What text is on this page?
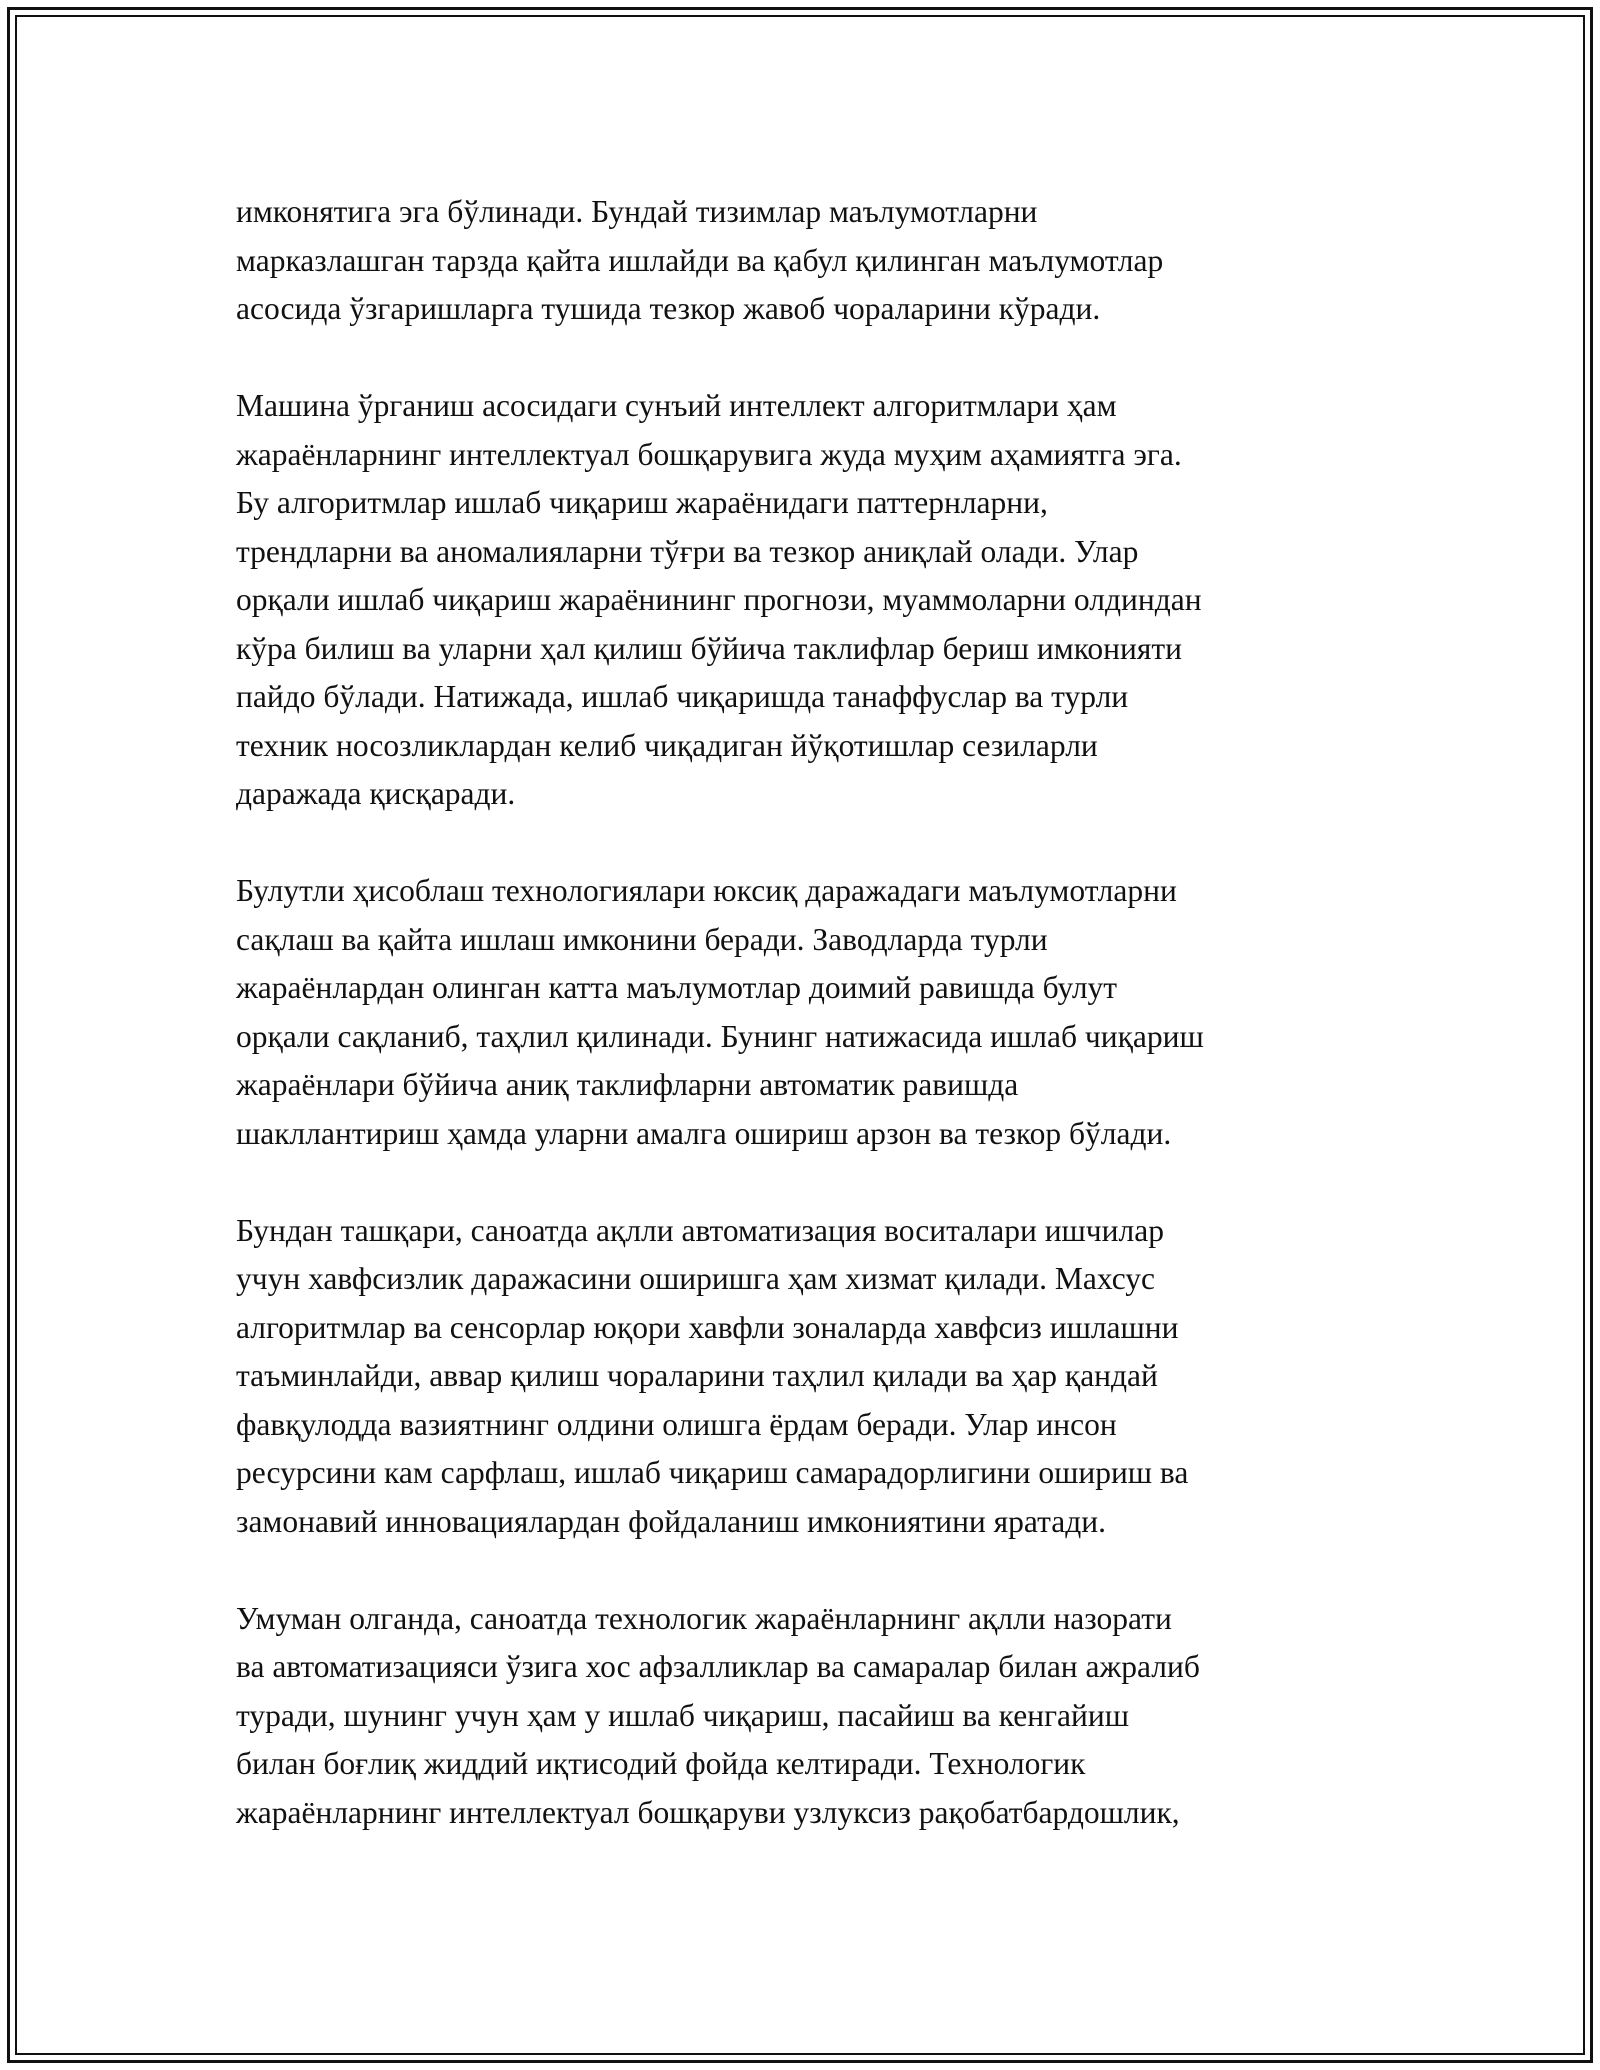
имконятига эга бўлинади. Бундай тизимлар маълумотларни
марказлашган тарзда қайта ишлайди ва қабул қилинган маълумотлар
асосида ўзгаришларга тушида тезкор жавоб чораларини кўради.

Машина ўрганиш асосидаги сунъий интеллект алгоритмлари ҳам
жараёнларнинг интеллектуал бошқарувига жуда муҳим аҳамиятга эга.
Бу алгоритмлар ишлаб чиқариш жараёнидаги паттернларни,
трендларни ва аномалияларни тўғри ва тезкор аниқлай олади. Улар
орқали ишлаб чиқариш жараёнининг прогнози, муаммоларни олдиндан
кўра билиш ва уларни ҳал қилиш бўйича таклифлар бериш имконияти
пайдо бўлади. Натижада, ишлаб чиқаришда танаффуслар ва турли
техник носозликлардан келиб чиқадиган йўқотишлар сезиларли
даражада қисқаради.

Булутли ҳисоблаш технологиялари юксиқ даражадаги маълумотларни
сақлаш ва қайта ишлаш имконини беради. Заводларда турли
жараёнлардан олинган катта маълумотлар доимий равишда булут
орқали сақланиб, таҳлил қилинади. Бунинг натижасида ишлаб чиқариш
жараёнлари бўйича аниқ таклифларни автоматик равишда
шакллантириш ҳамда уларни амалга ошириш арзон ва тезкор бўлади.

Бундан ташқари, саноатда ақлли автоматизация воситалари ишчилар
учун хавфсизлик даражасини оширишга ҳам хизмат қилади. Махсус
алгоритмлар ва сенсорлар юқори хавфли зоналарда хавфсиз ишлашни
таъминлайди, аввар қилиш чораларини таҳлил қилади ва ҳар қандай
фавқулодда вазиятнинг олдини олишга ёрдам беради. Улар инсон
ресурсини кам сарфлаш, ишлаб чиқариш самарадорлигини ошириш ва
замонавий инновациялардан фойдаланиш имкониятини яратади.

Умуман олганда, саноатда технологик жараёнларнинг ақлли назорати
ва автоматизацияси ўзига хос афзалликлар ва самаралар билан ажралиб
туради, шунинг учун ҳам у ишлаб чиқариш, пасайиш ва кенгайиш
билан боғлиқ жиддий иқтисодий фойда келтиради. Технологик
жараёнларнинг интеллектуал бошқаруви узлуксиз рақобатбардошлик,
